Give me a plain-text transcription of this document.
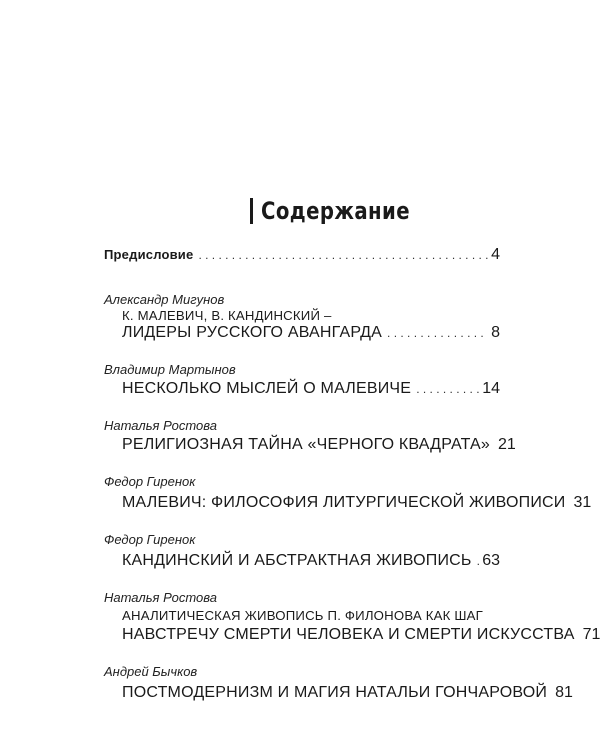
Содержание
Предисловие . . .	4
Александр Мигунов
К. МАЛЕВИЧ, В. КАНДИНСКИЙ –
ЛИДЕРЫ РУССКОГО АВАНГАРДА . . .	8
Владимир Мартынов
НЕСКОЛЬКО МЫСЛЕЙ О МАЛЕВИЧЕ . . .	14
Наталья Ростова
РЕЛИГИОЗНАЯ ТАЙНА «ЧЕРНОГО КВАДРАТА» 21
Федор Гиренок
МАЛЕВИЧ: ФИЛОСОФИЯ ЛИТУРГИЧЕСКОЙ ЖИВОПИСИ 31
Федор Гиренок
КАНДИНСКИЙ И АБСТРАКТНАЯ ЖИВОПИСЬ . . . 63
Наталья Ростова
АНАЛИТИЧЕСКАЯ ЖИВОПИСЬ П. ФИЛОНОВА КАК ШАГ
НАВСТРЕЧУ СМЕРТИ ЧЕЛОВЕКА И СМЕРТИ ИСКУССТВА 71
Андрей Бычков
ПОСТМОДЕРНИЗМ И МАГИЯ НАТАЛЬИ ГОНЧАРОВОЙ 81
